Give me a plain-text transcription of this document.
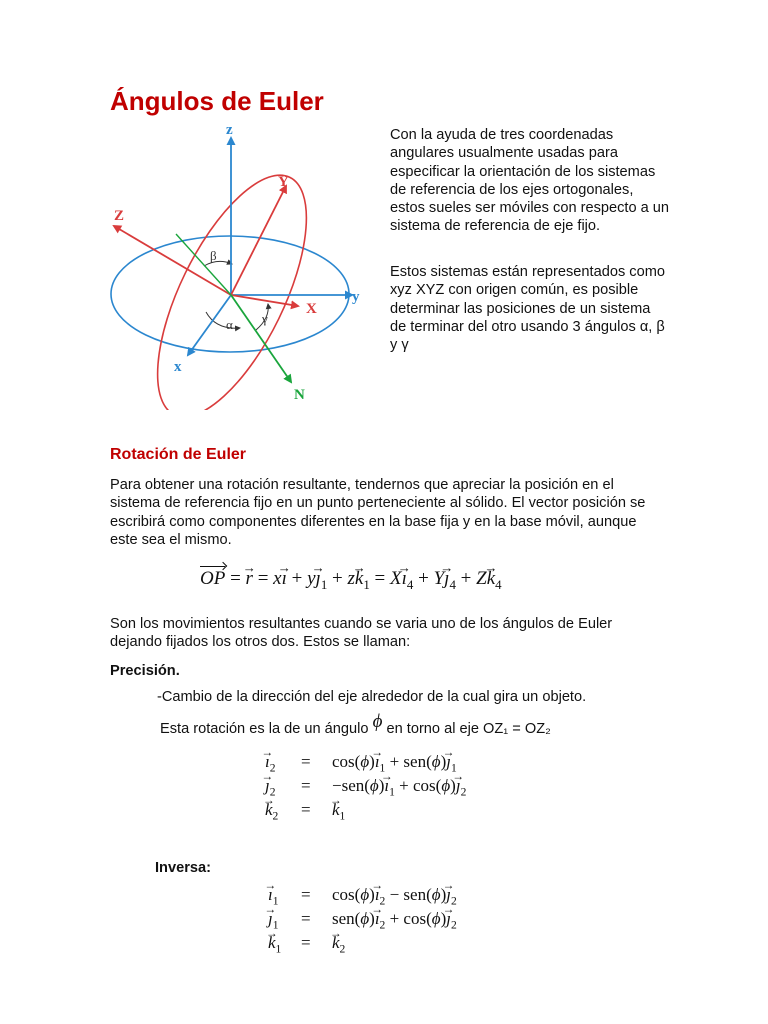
Ángulos de Euler
z
Y
Z
y
X
x
N
β
γ
α
Con la ayuda de tres coordenadas angulares usualmente usadas para especificar la orientación de los sistemas de referencia de los ejes ortogonales, estos sueles ser móviles con respecto a un sistema de referencia de eje fijo.
Estos sistemas están representados como xyz XYZ con origen común, es posible determinar las posiciones de un sistema de terminar del otro usando 3 ángulos α, β y γ
Rotación de Euler
Para obtener una rotación resultante, tendernos que apreciar la posición en el sistema de referencia fijo en un punto perteneciente al sólido. El vector posición se escribirá como componentes diferentes en la base fija y en la base móvil, aunque este sea el mismo.
OP = → r = x→ ı + $y\to ȷ_1 + z\to k_1 = X\to$ $ı_4 + Y\to$ $ȷ_4 + Z\to k_4$
Son los movimientos resultantes cuando se varia uno de los ángulos de Euler dejando fijados los otros dos. Estos se llaman:
Precisión.
-Cambio de la dirección del eje alrededor de la cual gira un objeto.
Esta rotación es la de un ángulo ϕ en torno al eje OZ₁ = OZ₂
→ $ı_2 = \cos(\phi)\to$ $ı_1 + sen(\phi)\to$ $ȷ_1$
→ $ȷ_2 = -sen(\phi)\to$ $ı_1 + \cos(\phi)\to$ $ȷ_2$
→ $k_2$ = → $k_1$
Inversa:
→ $ı_1 = \cos(\phi)\to$ $ı_2 - sen(\phi)\to$ $ȷ_2$
→ $ȷ_1 = sen(\phi)\to$ $ı_2 + \cos(\phi)\to$ $ȷ_2$
→ $k_1$ = → $k_2$
